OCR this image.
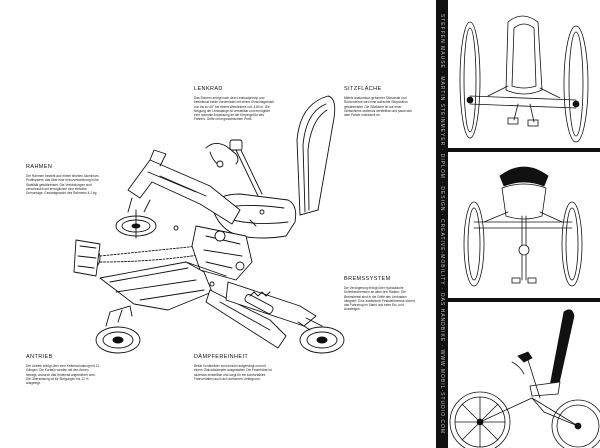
LENKRAD
Das Steuern erfolgt nach dem Lenkradprinzip und beeinflusst beide Vorderräder mit einem Einschlagwinkel von bis zu 45° bei einem Wendekreis von 3,80 m. Die Neigung der Lenkstange ist verstellbar und ermöglicht eine optimale Anpassung an die Körpergröße des Fahrers. Griffe mit ergonomischem Profil.
SITZFLÄCHE
Mittels anatomisch geformter Sitzschale und Rückenlehne wird eine aufrechte Sitzposition gewährleistet. Die Sitzfläche ist auf einer Gleitschiene stufenlos verstellbar und passt sich dem Fahrer individuell an.
RAHMEN
Der Rahmen besteht aus einem leichten Aluminium-Profilsystem, das über eine Kreuzverstrebung hohe Stabilität gewährleistet. Die Verbindungen sind verschraubt und ermöglichen eine einfache Demontage. Gesamtgewicht des Rahmens 4,2 kg.
BREMSSYSTEM
Die Verzögerung erfolgt über hydraulische Scheibenbremsen an allen drei Rädern. Die Bremshebel sind in die Griffe des Lenkrades integriert. Eine zusätzliche Feststellbremse sichert das Fahrzeug im Stand und beim Ein- und Aussteigen.
ANTRIEB
Der Antrieb erfolgt über eine Kettenschaltung mit 21 Gängen. Die Kurbeln werden mit den Armen bewegt, wodurch das Hinterrad angetrieben wird. Die Übersetzung ist für Steigungen bis 12 % ausgelegt.
DÄMPFEREINHEIT
Beide Vorderräder sind einzeln aufgehängt und mit einem Öldruckdämpfer ausgestattet. Die Federhärte ist stufenlos einstellbar und sorgt für ein komfortables Fahrverhalten auch auf unebenem Untergrund.	STEFFEN MAUSE · MARTIN STEINMEYER · DIPLOM · DESIGN · CREATIVE-MOBILITY · DAS HANDBIKE · WWW.MOBIL-STUDIO.COM
